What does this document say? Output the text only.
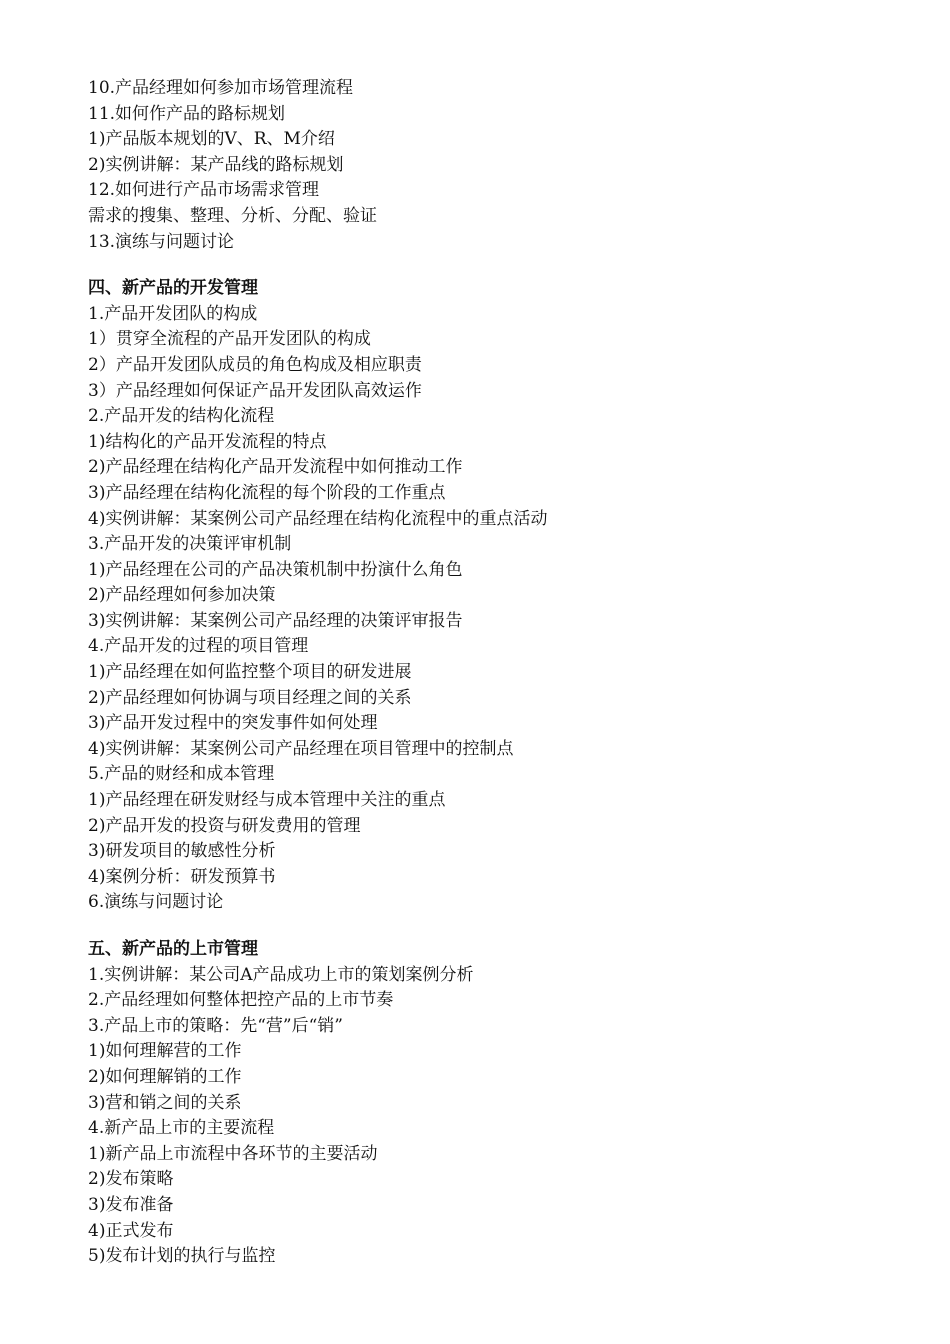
10.产品经理如何参加市场管理流程
11.如何作产品的路标规划
1)产品版本规划的V、R、M介绍
2)实例讲解：某产品线的路标规划
12.如何进行产品市场需求管理
需求的搜集、整理、分析、分配、验证
13.演练与问题讨论
四、新产品的开发管理
1.产品开发团队的构成
1）贯穿全流程的产品开发团队的构成
2）产品开发团队成员的角色构成及相应职责
3）产品经理如何保证产品开发团队高效运作
2.产品开发的结构化流程
1)结构化的产品开发流程的特点
2)产品经理在结构化产品开发流程中如何推动工作
3)产品经理在结构化流程的每个阶段的工作重点
4)实例讲解：某案例公司产品经理在结构化流程中的重点活动
3.产品开发的决策评审机制
1)产品经理在公司的产品决策机制中扮演什么角色
2)产品经理如何参加决策
3)实例讲解：某案例公司产品经理的决策评审报告
4.产品开发的过程的项目管理
1)产品经理在如何监控整个项目的研发进展
2)产品经理如何协调与项目经理之间的关系
3)产品开发过程中的突发事件如何处理
4)实例讲解：某案例公司产品经理在项目管理中的控制点
5.产品的财经和成本管理
1)产品经理在研发财经与成本管理中关注的重点
2)产品开发的投资与研发费用的管理
3)研发项目的敏感性分析
4)案例分析：研发预算书
6.演练与问题讨论
五、新产品的上市管理
1.实例讲解：某公司A产品成功上市的策划案例分析
2.产品经理如何整体把控产品的上市节奏
3.产品上市的策略：先“营”后“销”
1)如何理解营的工作
2)如何理解销的工作
3)营和销之间的关系
4.新产品上市的主要流程
1)新产品上市流程中各环节的主要活动
2)发布策略
3)发布准备
4)正式发布
5)发布计划的执行与监控
